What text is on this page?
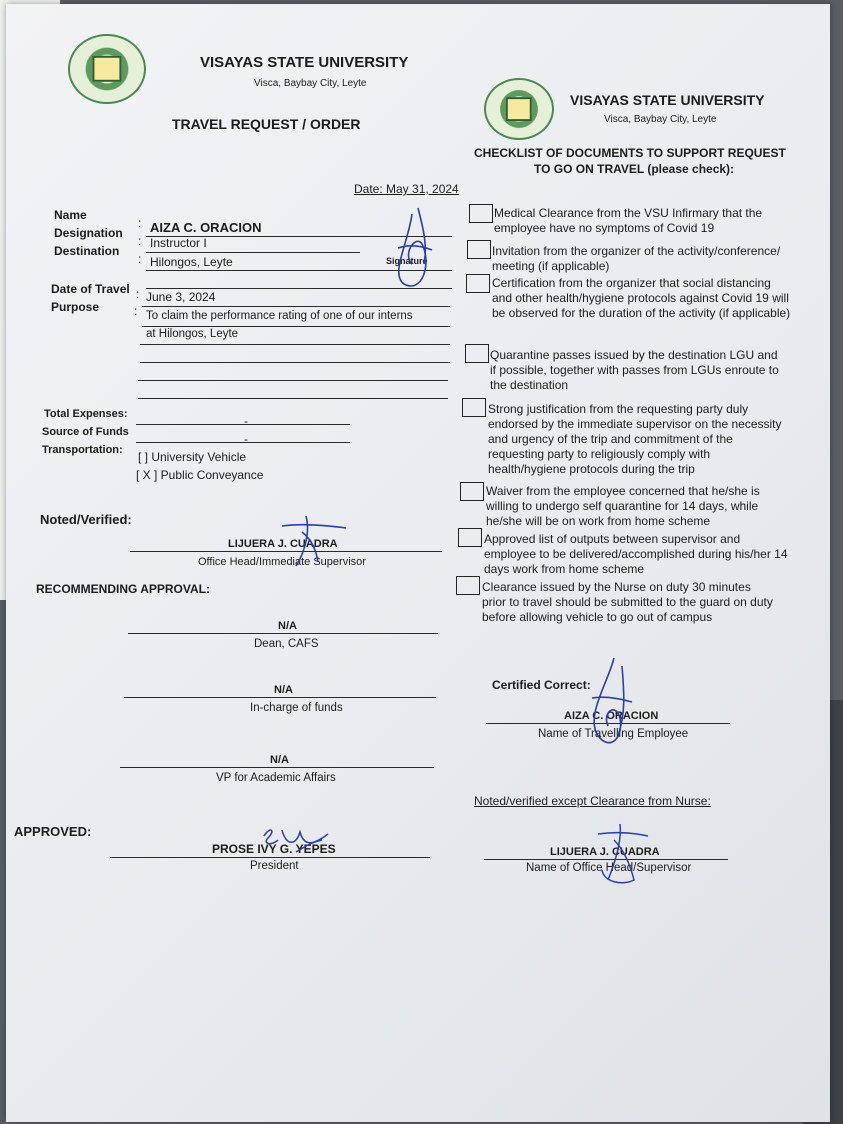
VISAYAS STATE UNIVERSITY
Visca, Baybay City, Leyte
TRAVEL REQUEST / ORDER
Date: May 31, 2024
Name
: AIZA C. ORACION
Designation
: Instructor I
Destination
: Hilongos, Leyte	Signature
Date of Travel : June 3, 2024
Purpose	: To claim the performance rating of one of our interns
at Hilongos, Leyte
Total Expenses:	-
Source of Funds	-
Transportation: [ ] University Vehicle
[ X ] Public Conveyance
Noted/Verified:
LIJUERA J. CUADRA
Office Head/Immediate Supervisor
RECOMMENDING APPROVAL:
N/A
Dean, CAFS
N/A
In-charge of funds
N/A
VP for Academic Affairs
APPROVED:
PROSE IVY G. YEPES
President
VISAYAS STATE UNIVERSITY
Visca, Baybay City, Leyte
CHECKLIST OF DOCUMENTS TO SUPPORT REQUEST
TO GO ON TRAVEL (please check):
Medical Clearance from the VSU Infirmary that the employee have no symptoms of Covid 19
Invitation from the organizer of the activity/conference/ meeting (if applicable)
Certification from the organizer that social distancing and other health/hygiene protocols against Covid 19 will be observed for the duration of the activity (if applicable)
Quarantine passes issued by the destination LGU and if possible, together with passes from LGUs enroute to the destination
Strong justification from the requesting party duly endorsed by the immediate supervisor on the necessity and urgency of the trip and commitment of the requesting party to religiously comply with health/hygiene protocols during the trip
Waiver from the employee concerned that he/she is willing to undergo self quarantine for 14 days, while he/she will be on work from home scheme
Approved list of outputs between supervisor and employee to be delivered/accomplished during his/her 14 days work from home scheme
Clearance issued by the Nurse on duty 30 minutes prior to travel should be submitted to the guard on duty before allowing vehicle to go out of campus
Certified Correct:
AIZA C. ORACION
Name of Travelling Employee
Noted/verified except Clearance from Nurse:
LIJUERA J. CUADRA
Name of Office Head/Supervisor
